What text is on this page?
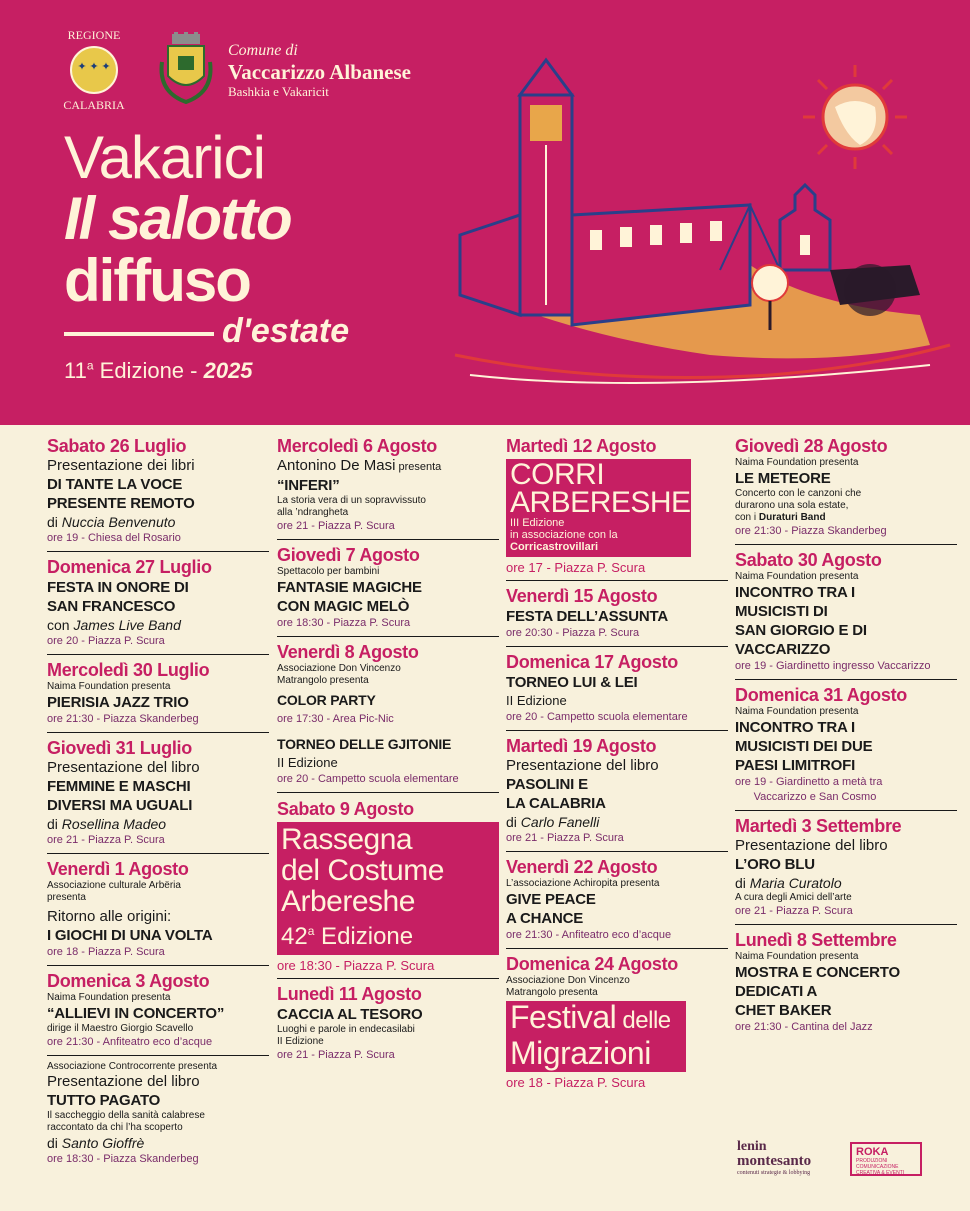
REGIONE
✦ ✦ ✦
CALABRIA
Comune di
Vaccarizzo Albanese
Bashkia e Vakaricit
Vakarici
Il salotto
diffuso
d'estate
11$^a$ Edizione - 2025
Sabato 26 Luglio
Presentazione dei libri
DI TANTE LA VOCE
PRESENTE REMOTO
di Nuccia Benvenuto
ore 19 - Chiesa del Rosario
Domenica 27 Luglio
FESTA IN ONORE DI
SAN FRANCESCO
con James Live Band
ore 20 - Piazza P. Scura
Mercoledì 30 Luglio
Naima Foundation presenta
PIERISIA JAZZ TRIO
ore 21:30 - Piazza Skanderbeg
Giovedì 31 Luglio
Presentazione del libro
FEMMINE E MASCHI
DIVERSI MA UGUALI
di Rosellina Madeo
ore 21 - Piazza P. Scura
Venerdì 1 Agosto
Associazione culturale Arbëria
presenta
Ritorno alle origini:
I GIOCHI DI UNA VOLTA
ore 18 - Piazza P. Scura
Domenica 3 Agosto
Naima Foundation presenta
“ALLIEVI IN CONCERTO”
dirige il Maestro Giorgio Scavello
ore 21:30 - Anfiteatro eco d’acque
Associazione Controcorrente presenta
Presentazione del libro
TUTTO PAGATO
Il saccheggio della sanità calabrese
raccontato da chi l’ha scoperto
di Santo Gioffrè
ore 18:30 - Piazza Skanderbeg
Mercoledì 6 Agosto
Antonino De Masi presenta
“INFERI”
La storia vera di un sopravvissuto
alla ’ndrangheta
ore 21 - Piazza P. Scura
Giovedì 7 Agosto
Spettacolo per bambini
FANTASIE MAGICHE
CON MAGIC MELÒ
ore 18:30 - Piazza P. Scura
Venerdì 8 Agosto
Associazione Don Vincenzo
Matrangolo presenta
COLOR PARTY
ore 17:30 - Area Pic-Nic
TORNEO DELLE GJITONIE
II Edizione
ore 20 - Campetto scuola elementare
Sabato 9 Agosto
Rassegna
del Costume
Arbereshe
42$^a$ Edizione
ore 18:30 - Piazza P. Scura
Lunedì 11 Agosto
CACCIA AL TESORO
Luoghi e parole in endecasilabi
II Edizione
ore 21 - Piazza P. Scura
Martedì 12 Agosto
CORRI
ARBERESHE
III Edizione
in associazione con la
Corricastrovillari
ore 17 - Piazza P. Scura
Venerdì 15 Agosto
FESTA DELL’ASSUNTA
ore 20:30 - Piazza P. Scura
Domenica 17 Agosto
TORNEO LUI & LEI
II Edizione
ore 20 - Campetto scuola elementare
Martedì 19 Agosto
Presentazione del libro
PASOLINI E
LA CALABRIA
di Carlo Fanelli
ore 21 - Piazza P. Scura
Venerdì 22 Agosto
L’associazione Achiropita presenta
GIVE PEACE
A CHANCE
ore 21:30 - Anfiteatro eco d’acque
Domenica 24 Agosto
Associazione Don Vincenzo
Matrangolo presenta
Festival delle
Migrazioni
ore 18 - Piazza P. Scura
Giovedì 28 Agosto
Naima Foundation presenta
LE METEORE
Concerto con le canzoni che
durarono una sola estate,
con i Duraturi Band
ore 21:30 - Piazza Skanderbeg
Sabato 30 Agosto
Naima Foundation presenta
INCONTRO TRA I
MUSICISTI DI
SAN GIORGIO E DI
VACCARIZZO
ore 19 - Giardinetto ingresso Vaccarizzo
Domenica 31 Agosto
Naima Foundation presenta
INCONTRO TRA I
MUSICISTI DEI DUE
PAESI LIMITROFI
ore 19 - Giardinetto a metà tra
Vaccarizzo e San Cosmo
Martedì 3 Settembre
Presentazione del libro
L’ORO BLU
di Maria Curatolo
A cura degli Amici dell’arte
ore 21 - Piazza P. Scura
Lunedì 8 Settembre
Naima Foundation presenta
MOSTRA E CONCERTO
DEDICATI A
CHET BAKER
ore 21:30 - Cantina del Jazz
lenin
montesanto
contenuti strategie & lobbying
ROKA
PRODUZIONI
COMUNICAZIONE CREATIVA & EVENTI
